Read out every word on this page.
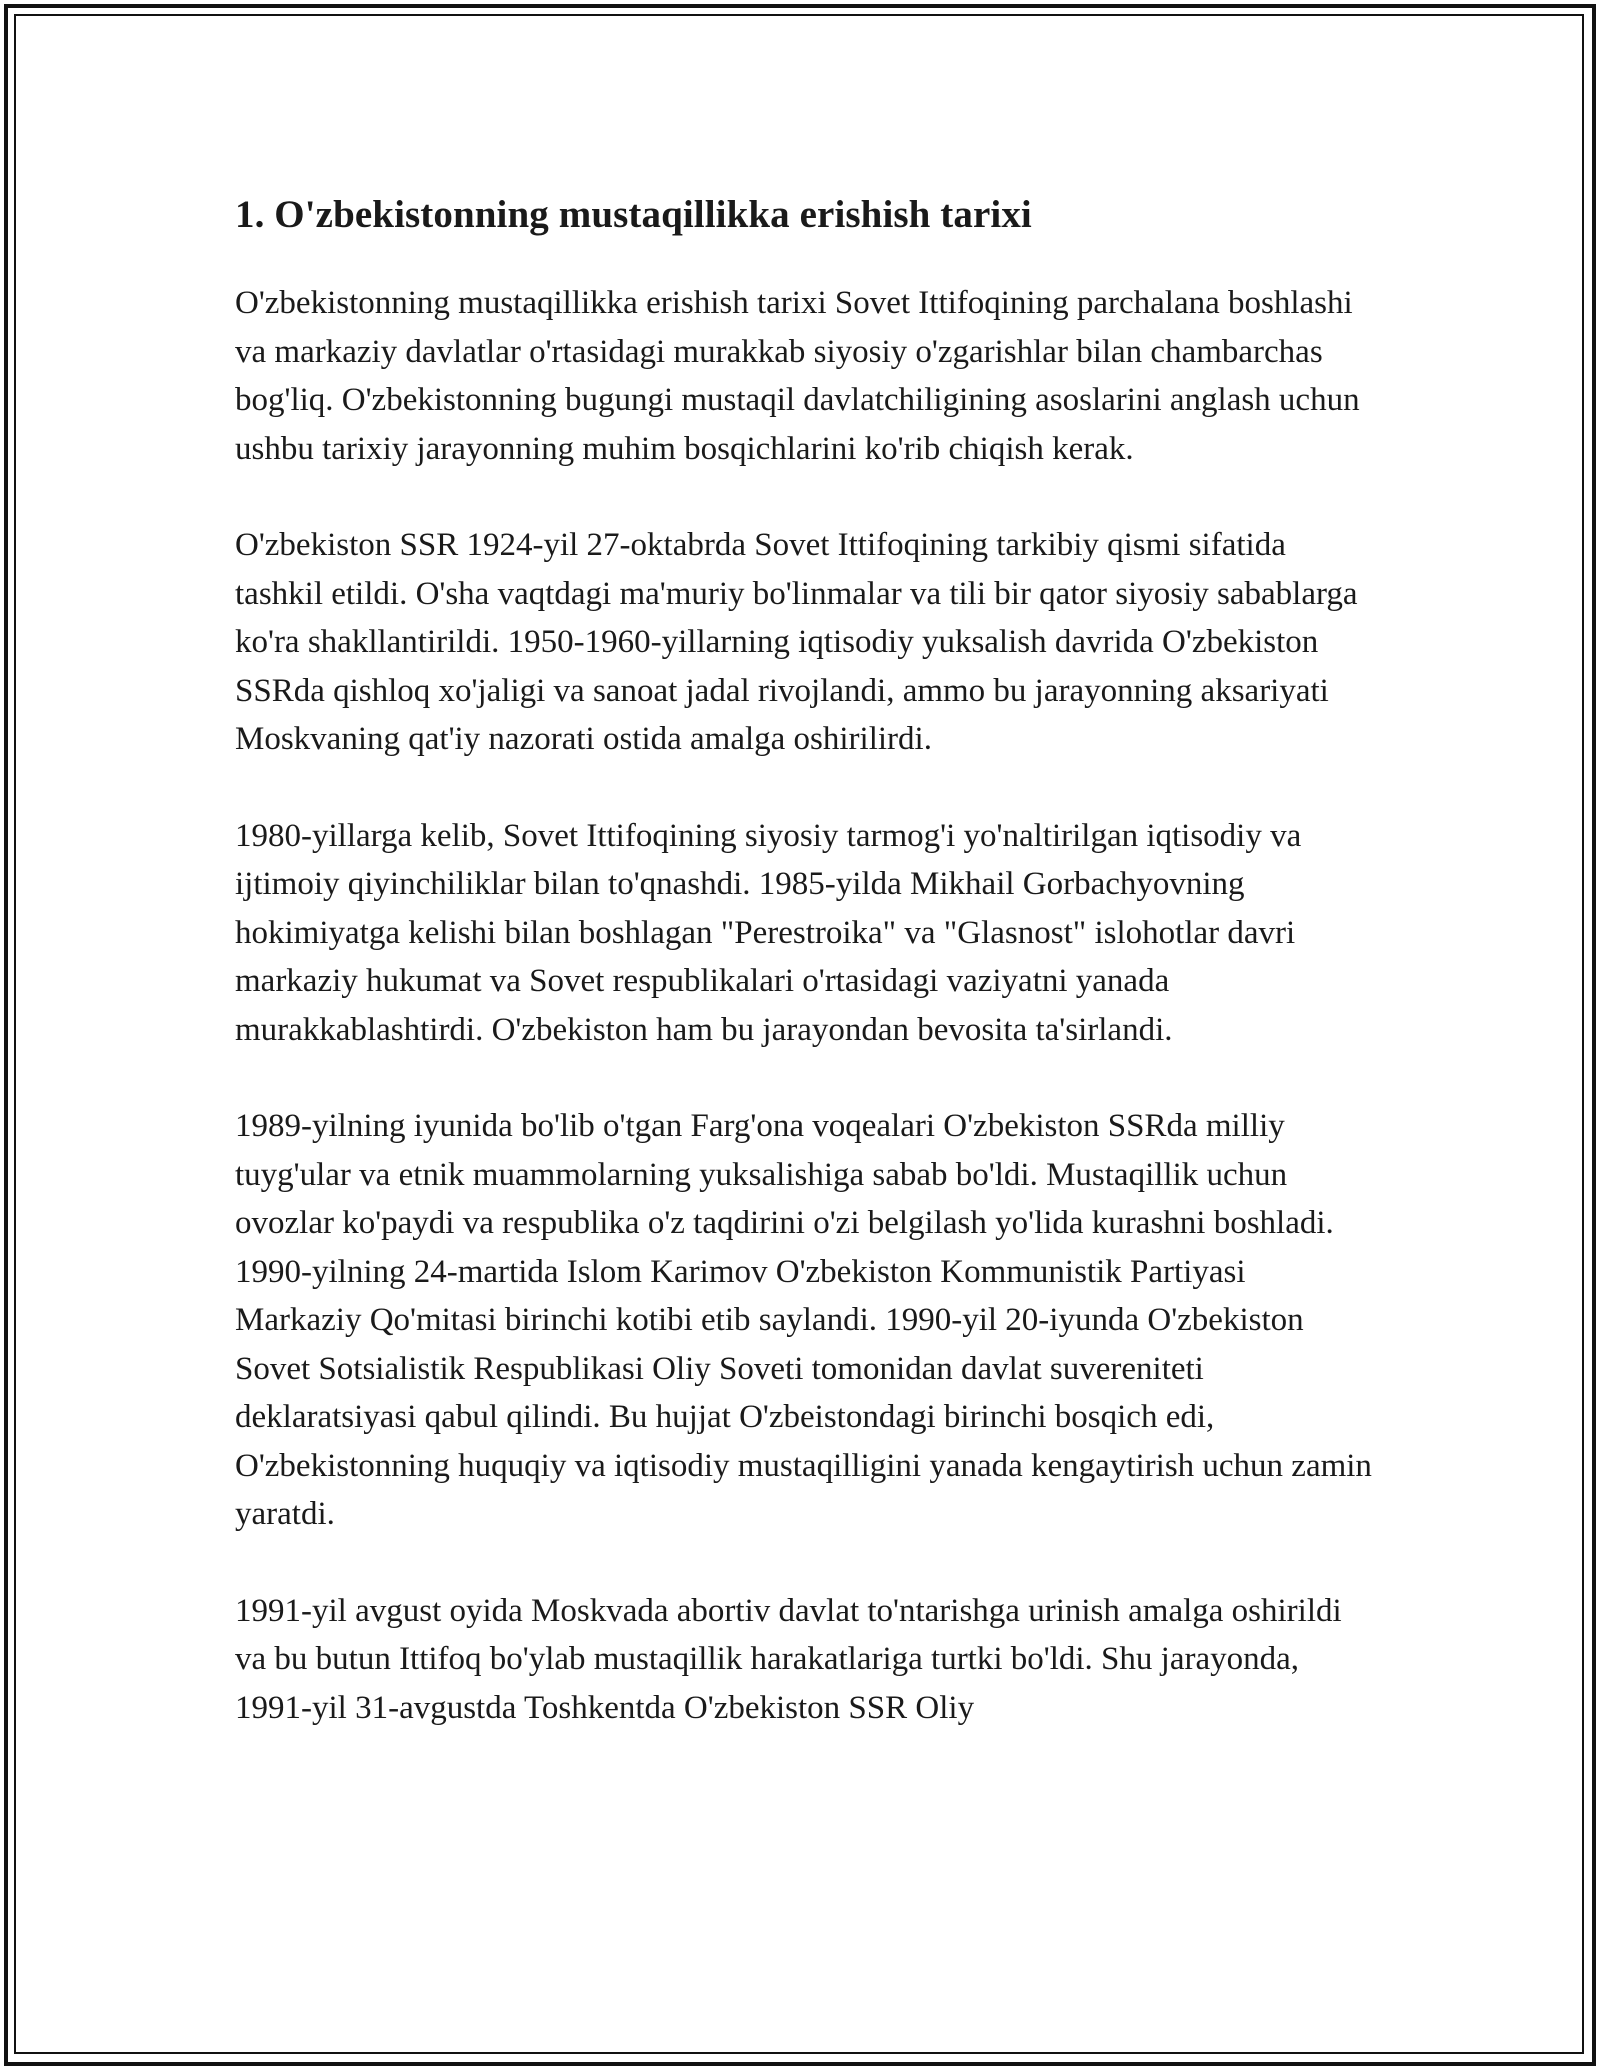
1. O'zbekistonning mustaqillikka erishish tarixi

O'zbekistonning mustaqillikka erishish tarixi Sovet Ittifoqining parchalana boshlashi va markaziy davlatlar o'rtasidagi murakkab siyosiy o'zgarishlar bilan chambarchas bog'liq. O'zbekistonning bugungi mustaqil davlatchiligining asoslarini anglash uchun ushbu tarixiy jarayonning muhim bosqichlarini ko'rib chiqish kerak.

O'zbekiston SSR 1924-yil 27-oktabrda Sovet Ittifoqining tarkibiy qismi sifatida tashkil etildi. O'sha vaqtdagi ma'muriy bo'linmalar va tili bir qator siyosiy sabablarga ko'ra shakllantirildi. 1950-1960-yillarning iqtisodiy yuksalish davrida O'zbekiston SSRda qishloq xo'jaligi va sanoat jadal rivojlandi, ammo bu jarayonning aksariyati Moskvaning qat'iy nazorati ostida amalga oshirilirdi.

1980-yillarga kelib, Sovet Ittifoqining siyosiy tarmog'i yo'naltirilgan iqtisodiy va ijtimoiy qiyinchiliklar bilan to'qnashdi. 1985-yilda Mikhail Gorbachyovning hokimiyatga kelishi bilan boshlagan "Perestroika" va "Glasnost" islohotlar davri markaziy hukumat va Sovet respublikalari o'rtasidagi vaziyatni yanada murakkablashtirdi. O'zbekiston ham bu jarayondan bevosita ta'sirlandi.

1989-yilning iyunida bo'lib o'tgan Farg'ona voqealari O'zbekiston SSRda milliy tuyg'ular va etnik muammolarning yuksalishiga sabab bo'ldi. Mustaqillik uchun ovozlar ko'paydi va respublika o'z taqdirini o'zi belgilash yo'lida kurashni boshladi. 1990-yilning 24-martida Islom Karimov O'zbekiston Kommunistik Partiyasi Markaziy Qo'mitasi birinchi kotibi etib saylandi. 1990-yil 20-iyunda O'zbekiston Sovet Sotsialistik Respublikasi Oliy Soveti tomonidan davlat suvereniteti deklaratsiyasi qabul qilindi. Bu hujjat O'zbeistondagi birinchi bosqich edi, O'zbekistonning huquqiy va iqtisodiy mustaqilligini yanada kengaytirish uchun zamin yaratdi.

1991-yil avgust oyida Moskvada abortiv davlat to'ntarishga urinish amalga oshirildi va bu butun Ittifoq bo'ylab mustaqillik harakatlariga turtki bo'ldi. Shu jarayonda, 1991-yil 31-avgustda Toshkentda O'zbekiston SSR Oliy
